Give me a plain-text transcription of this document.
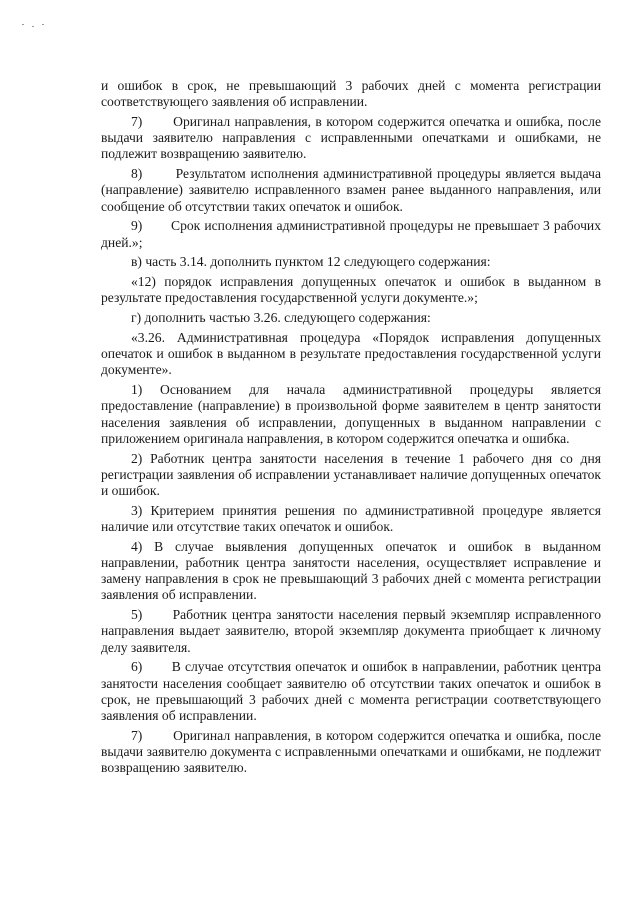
и ошибок в срок, не превышающий 3 рабочих дней с момента регистрации соответствующего заявления об исправлении.

7)       Оригинал направления, в котором содержится опечатка и ошибка, после выдачи заявителю направления с исправленными опечатками и ошибками, не подлежит возвращению заявителю.

8)       Результатом исполнения административной процедуры является выдача (направление) заявителю исправленного взамен ранее выданного направления, или сообщение об отсутствии таких опечаток и ошибок.

9)       Срок исполнения административной процедуры не превышает 3 рабочих дней.»;

в) часть 3.14. дополнить пунктом 12 следующего содержания:

«12) порядок исправления допущенных опечаток и ошибок в выданном в результате предоставления государственной услуги документе.»;

г) дополнить частью 3.26. следующего содержания:

«3.26. Административная процедура «Порядок исправления допущенных опечаток и ошибок в выданном в результате предоставления государственной услуги документе».

1) Основанием для начала административной процедуры является предоставление (направление) в произвольной форме заявителем в центр занятости населения заявления об исправлении, допущенных в выданном направлении с приложением оригинала направления, в котором содержится опечатка и ошибка.

2) Работник центра занятости населения в течение 1 рабочего дня со дня регистрации заявления об исправлении устанавливает наличие допущенных опечаток и ошибок.

3) Критерием принятия решения по административной процедуре является наличие или отсутствие таких опечаток и ошибок.

4) В случае выявления допущенных опечаток и ошибок в выданном направлении, работник центра занятости населения, осуществляет исправление и замену направления в срок не превышающий 3 рабочих дней с момента регистрации заявления об исправлении.

5)      Работник центра занятости населения первый экземпляр исправленного направления выдает заявителю, второй экземпляр документа приобщает к личному делу заявителя.

6)       В случае отсутствия опечаток и ошибок в направлении, работник центра занятости населения сообщает заявителю об отсутствии таких опечаток и ошибок в срок, не превышающий 3 рабочих дней с момента регистрации соответствующего заявления об исправлении.

7)       Оригинал направления, в котором содержится опечатка и ошибка, после выдачи заявителю документа с исправленными опечатками и ошибками, не подлежит возвращению заявителю.
